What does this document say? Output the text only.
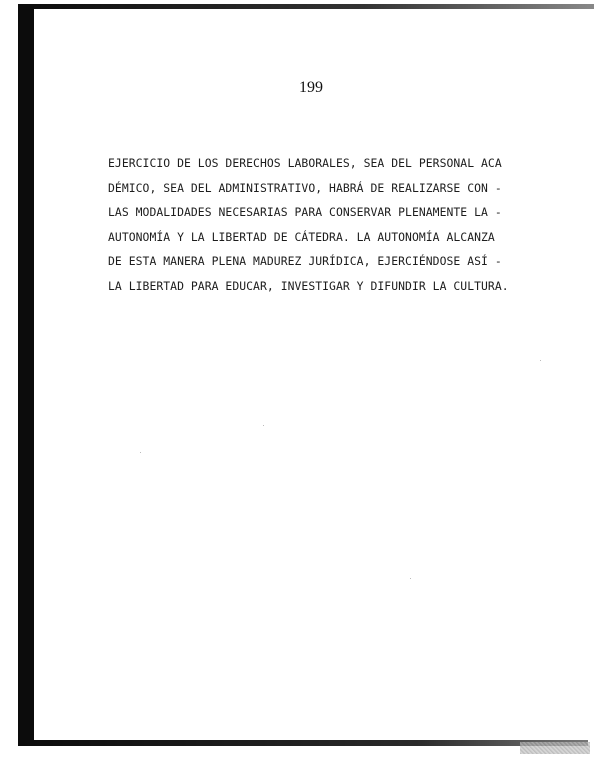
199
EJERCICIO DE LOS DERECHOS LABORALES, SEA DEL PERSONAL ACA
DÉMICO, SEA DEL ADMINISTRATIVO, HABRÁ DE REALIZARSE CON -
LAS MODALIDADES NECESARIAS PARA CONSERVAR PLENAMENTE LA -
AUTONOMÍA Y LA LIBERTAD DE CÁTEDRA. LA AUTONOMÍA ALCANZA
DE ESTA MANERA PLENA MADUREZ JURÍDICA, EJERCIÉNDOSE ASÍ -
LA LIBERTAD PARA EDUCAR, INVESTIGAR Y DIFUNDIR LA CULTURA.
